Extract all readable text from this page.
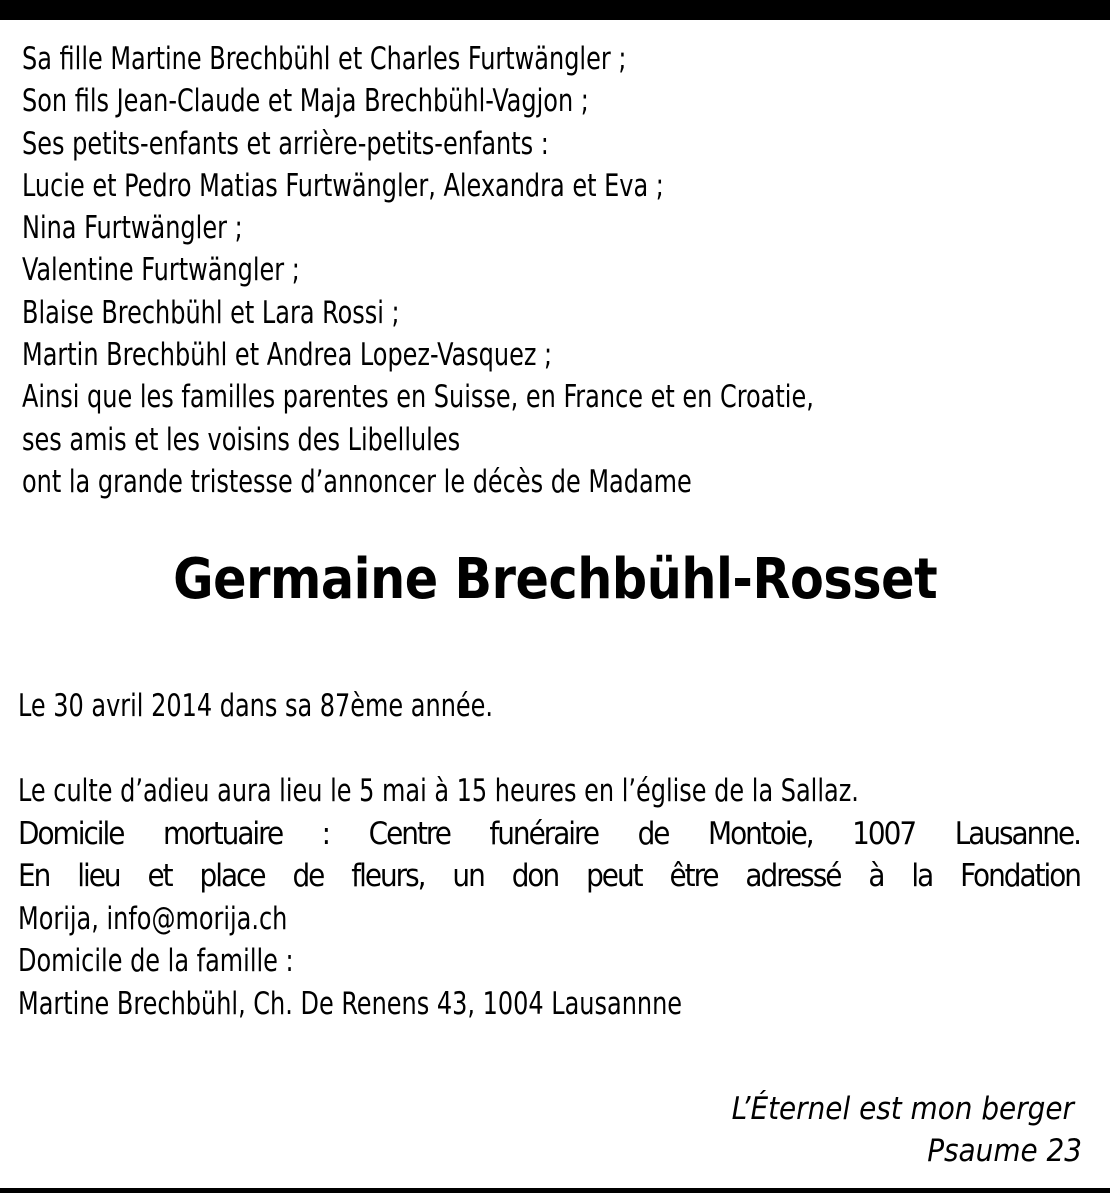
Sa fille Martine Brechbühl et Charles Furtwängler ;
Son fils Jean-Claude et Maja Brechbühl-Vagjon ;
Ses petits-enfants et arrière-petits-enfants :
Lucie et Pedro Matias Furtwängler, Alexandra et Eva ;
Nina Furtwängler ;
Valentine Furtwängler ;
Blaise Brechbühl et Lara Rossi ;
Martin Brechbühl et Andrea Lopez-Vasquez ;
Ainsi que les familles parentes en Suisse, en France et en Croatie,
ses amis et les voisins des Libellules
ont la grande tristesse d’annoncer le décès de Madame
Germaine Brechbühl-Rosset
Le 30 avril 2014 dans sa 87ème année.
Le culte d’adieu aura lieu le 5 mai à 15 heures en l’église de la Sallaz.
Domicile mortuaire : Centre funéraire de Montoie, 1007 Lausanne.
En lieu et place de fleurs, un don peut être adressé à la Fondation
Morija, info@morija.ch
Domicile de la famille :
Martine Brechbühl, Ch. De Renens 43, 1004 Lausannne
L’Éternel est mon berger
Psaume 23
